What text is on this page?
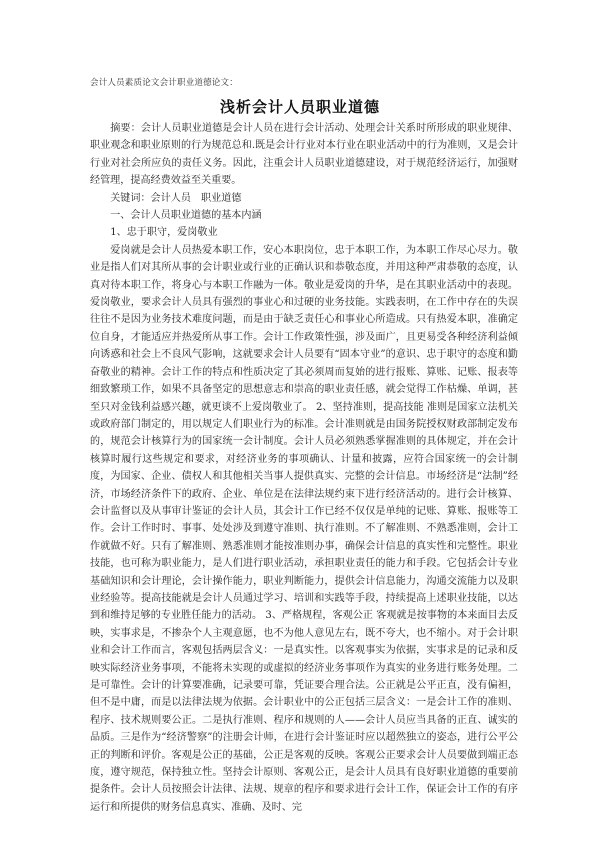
会计人员素质论文会计职业道德论文：
浅析会计人员职业道德

摘要：会计人员职业道德是会计人员在进行会计活动、处理会计关系时所形成的职业规律、职业观念和职业原则的行为规范总和.既是会计行业对本行业在职业活动中的行为准则，又是会计行业对社会所应负的责任义务。因此，注重会计人员职业道德建设，对于规范经济运行，加强财经管理，提高经费效益至关重要。

关键词：会计人员　职业道德

一、会计人员职业道德的基本内涵

1、忠于职守，爱岗敬业

爱岗就是会计人员热爱本职工作，安心本职岗位，忠于本职工作，为本职工作尽心尽力。敬业是指人们对其所从事的会计职业或行业的正确认识和恭敬态度，并用这种严肃恭敬的态度，认真对待本职工作，将身心与本职工作融为一体。敬业是爱岗的升华，是在其职业活动中的表现。爱岗敬业，要求会计人员具有强烈的事业心和过硬的业务技能。实践表明，在工作中存在的失误往往不是因为业务技术难度问题，而是由于缺乏责任心和事业心所造成。只有热爱本职，准确定位自身，才能适应并热爱所从事工作。会计工作政策性强，涉及面广，且更易受各种经济利益倾向诱惑和社会上不良风气影响，这就要求会计人员要有“固本守业”的意识、忠于职守的态度和勤奋敬业的精神。会计工作的特点和性质决定了其必须周而复始的进行报账、算账、记账、报表等细致繁琐工作，如果不具备坚定的思想意志和崇高的职业责任感，就会觉得工作枯燥、单调，甚至只对金钱利益感兴趣，就更谈不上爱岗敬业了。 2、坚持准则，提高技能 准则是国家立法机关或政府部门制定的，用以规定人们职业行为的标准。会计准则就是由国务院授权财政部制定发布的，规范会计核算行为的国家统一会计制度。会计人员必须熟悉掌握准则的具体规定，并在会计核算时履行这些规定和要求，对经济业务的事项确认、计量和披露，应符合国家统一的会计制度，为国家、企业、债权人和其他相关当事人提供真实、完整的会计信息。市场经济是“法制”经济，市场经济条件下的政府、企业、单位是在法律法规约束下进行经济活动的。进行会计核算、会计监督以及从事审计鉴证的会计人员，其会计工作已经不仅仅是单纯的记账、算账、报账等工作。会计工作时时、事事、处处涉及到遵守准则、执行准则。不了解准则、不熟悉准则，会计工作就做不好。只有了解准则、熟悉准则才能按准则办事，确保会计信息的真实性和完整性。职业技能，也可称为职业能力，是人们进行职业活动，承担职业责任的能力和手段。它包括会计专业基础知识和会计理论，会计操作能力，职业判断能力，提供会计信息能力，沟通交流能力以及职业经验等。提高技能就是会计人员通过学习、培训和实践等手段，持续提高上述职业技能，以达到和维持足够的专业胜任能力的活动。 3、严格规程，客观公正 客观就是按事物的本来面目去反映，实事求是，不掺杂个人主观意愿，也不为他人意见左右，既不夸大，也不缩小。对于会计职业和会计工作而言，客观包括两层含义：一是真实性。以客观事实为依据，实事求是的记录和反映实际经济业务事项，不能将未实现的或虚拟的经济业务事项作为真实的业务进行账务处理。二是可靠性。会计的计算要准确，记录要可靠，凭证要合理合法。公正就是公平正直，没有偏袒，但不是中庸，而是以法律法规为依据。会计职业中的公正包括三层含义：一是会计工作的准则、程序、技术规则要公正。二是执行准则、程序和规则的人——会计人员应当具备的正直、诚实的品质。三是作为“经济警察”的注册会计师，在进行会计鉴证时应以超然独立的姿态，进行公平公正的判断和评价。客观是公正的基础，公正是客观的反映。客观公正要求会计人员要做到端正态度，遵守规范，保持独立性。坚持会计原则、客观公正，是会计人员具有良好职业道德的重要前提条件。会计人员按照会计法律、法规、规章的程序和要求进行会计工作，保证会计工作的有序运行和所提供的财务信息真实、准确、及时、完
